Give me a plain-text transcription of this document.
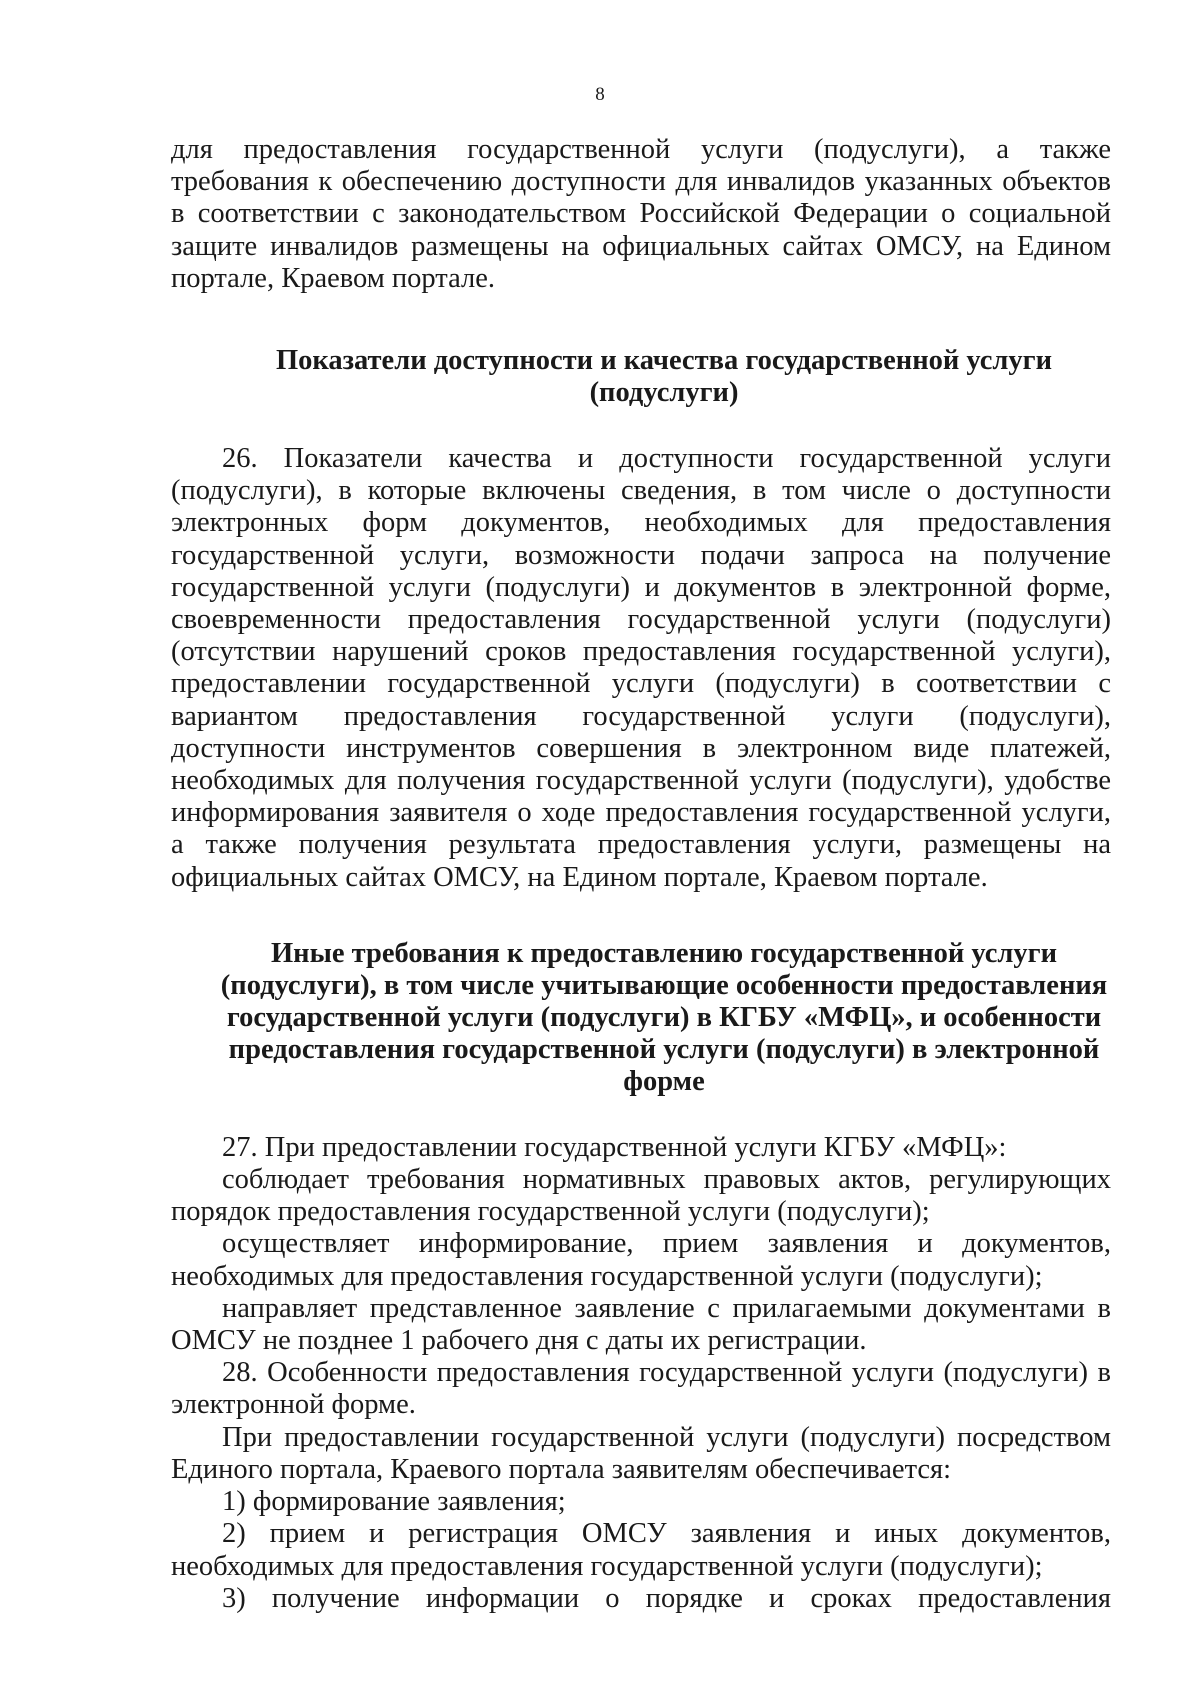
8

для предоставления государственной услуги (подуслуги), а также требования к обеспечению доступности для инвалидов указанных объектов в соответствии с законодательством Российской Федерации о социальной защите инвалидов размещены на официальных сайтах ОМСУ, на Едином портале, Краевом портале.

Показатели доступности и качества государственной услуги (подуслуги)

26. Показатели качества и доступности государственной услуги (подуслуги), в которые включены сведения, в том числе о доступности электронных форм документов, необходимых для предоставления государственной услуги, возможности подачи запроса на получение государственной услуги (подуслуги) и документов в электронной форме, своевременности предоставления государственной услуги (подуслуги) (отсутствии нарушений сроков предоставления государственной услуги), предоставлении государственной услуги (подуслуги) в соответствии с вариантом предоставления государственной услуги (подуслуги), доступности инструментов совершения в электронном виде платежей, необходимых для получения государственной услуги (подуслуги), удобстве информирования заявителя о ходе предоставления государственной услуги, а также получения результата предоставления услуги, размещены на официальных сайтах ОМСУ, на Едином портале, Краевом портале.

Иные требования к предоставлению государственной услуги (подуслуги), в том числе учитывающие особенности предоставления государственной услуги (подуслуги) в КГБУ «МФЦ», и особенности предоставления государственной услуги (подуслуги) в электронной форме

27. При предоставлении государственной услуги КГБУ «МФЦ»:

соблюдает требования нормативных правовых актов, регулирующих порядок предоставления государственной услуги (подуслуги);

осуществляет информирование, прием заявления и документов, необходимых для предоставления государственной услуги (подуслуги);

направляет представленное заявление с прилагаемыми документами в ОМСУ не позднее 1 рабочего дня с даты их регистрации.

28. Особенности предоставления государственной услуги (подуслуги) в электронной форме.

При предоставлении государственной услуги (подуслуги) посредством Единого портала, Краевого портала заявителям обеспечивается:

1) формирование заявления;

2) прием и регистрация ОМСУ заявления и иных документов, необходимых для предоставления государственной услуги (подуслуги);

3) получение информации о порядке и сроках предоставления
